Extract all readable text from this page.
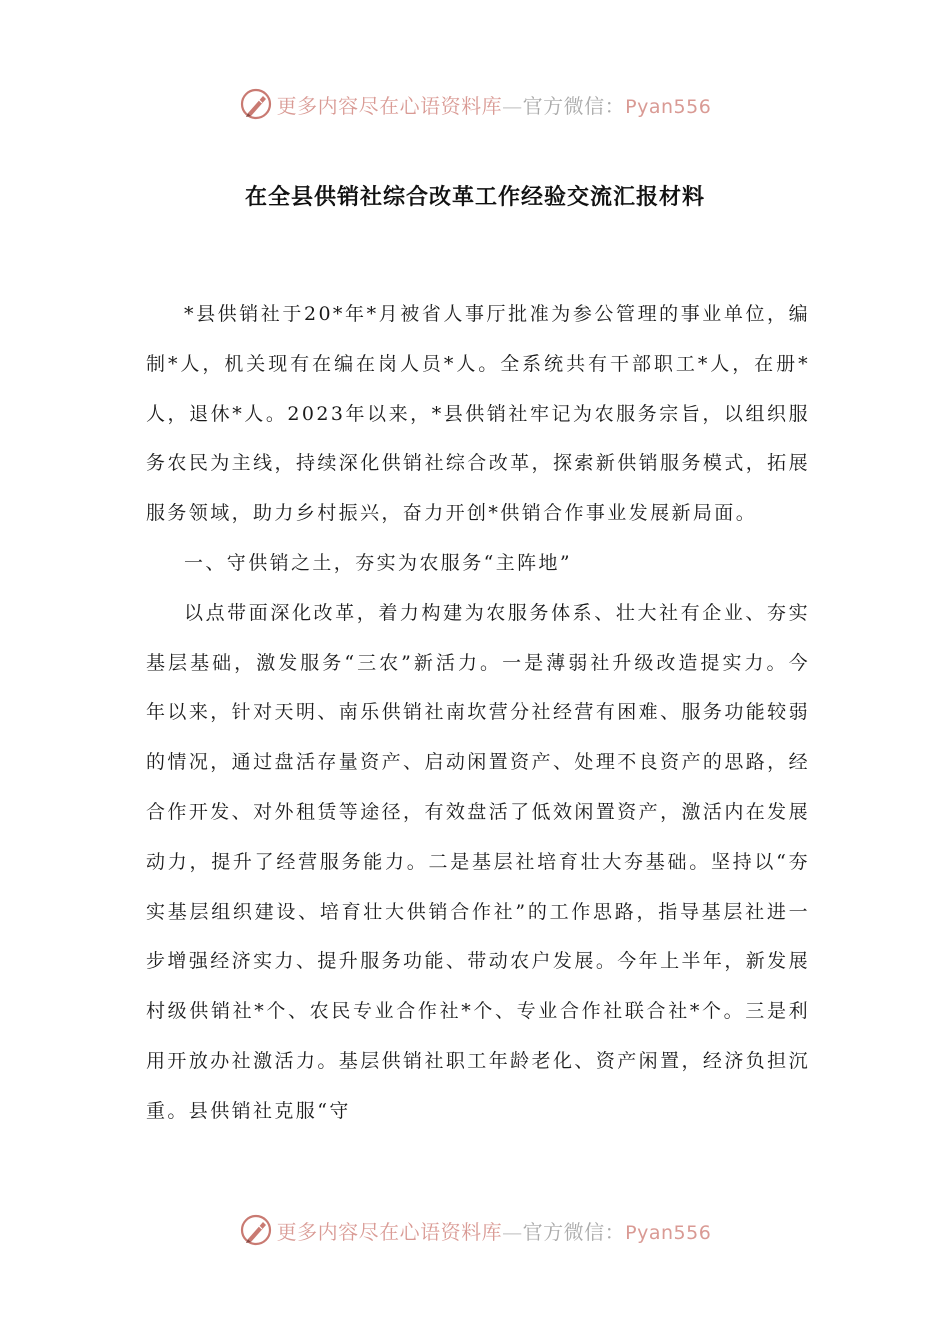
更多内容尽在心语资料库—官方微信：Pyan556
在全县供销社综合改革工作经验交流汇报材料

*县供销社于20*年*月被省人事厅批准为参公管理的事业单位，编制*人，机关现有在编在岗人员*人。全系统共有干部职工*人，在册*人，退休*人。2023年以来，*县供销社牢记为农服务宗旨，以组织服务农民为主线，持续深化供销社综合改革，探索新供销服务模式，拓展服务领域，助力乡村振兴，奋力开创*供销合作事业发展新局面。

一、守供销之土，夯实为农服务“主阵地”

以点带面深化改革，着力构建为农服务体系、壮大社有企业、夯实基层基础，激发服务“三农”新活力。一是薄弱社升级改造提实力。今年以来，针对天明、南乐供销社南坎营分社经营有困难、服务功能较弱的情况，通过盘活存量资产、启动闲置资产、处理不良资产的思路，经合作开发、对外租赁等途径，有效盘活了低效闲置资产，激活内在发展动力，提升了经营服务能力。二是基层社培育壮大夯基础。坚持以“夯实基层组织建设、培育壮大供销合作社”的工作思路，指导基层社进一步增强经济实力、提升服务功能、带动农户发展。今年上半年，新发展村级供销社*个、农民专业合作社*个、专业合作社联合社*个。三是利用开放办社激活力。基层供销社职工年龄老化、资产闲置，经济负担沉重。县供销社克服“守

更多内容尽在心语资料库—官方微信：Pyan556
